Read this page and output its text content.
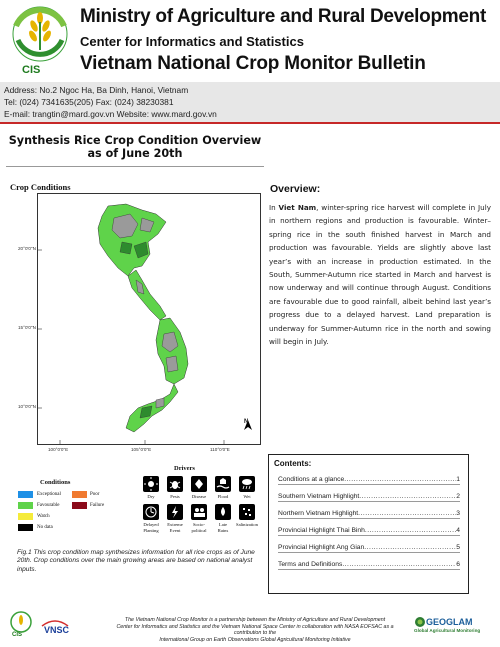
CIS
Ministry of Agriculture and Rural Development
Center for Informatics and Statistics
Vietnam National Crop Monitor Bulletin
Address: No.2 Ngoc Ha, Ba Dinh, Hanoi, Vietnam
Tel: (024) 7341635(205) Fax: (024) 38230381
E-mail: trangtin@mard.gov.vn Website: www.mard.gov.vn
Synthesis Rice Crop Condition Overview
as of June 20th
Crop Conditions
N
20°0'0"N
15°0'0"N
10°0'0"N
100°0'0"E	105°0'0"E	110°0'0"E
Conditions
Exceptional	Poor
Favourable	Failure
Watch
No data
Drivers
Dry	Pests	Disease	Flood	Wet
Delayed
Planting
Extreme
Event
Socio-
political
Late
Rains
Salinization
Fig.1 This crop condition map synthesizes information for all rice crops as of June 20th. Crop conditions over the main growing areas are based on national analyst inputs.
Overview:
In Viet Nam, winter-spring rice harvest will complete in July in northern regions and production is favourable. Winter–spring rice in the south finished harvest in March and production was favourable. Yields are slightly above last year’s with an increase in production estimated. In the South, Summer-Autumn rice started in March and harvest is now underway and will continue through August. Conditions are favourable due to good rainfall, albeit behind last year’s progress due to a delayed harvest. Land preparation is underway for Summer-Autumn rice in the north and sowing will begin in July.
Contents:
Conditions at a glance .....	1
Southern Vietnam Highlight .....	2
Northern Vietnam Highlight .....	3
Provincial Highlight Thai Binh .....	4
Provincial Highlight Ang Gian .....	5
Terms and Definitions .....	6
CIS VNSC
The Vietnam National Crop Monitor is a partnership between the Ministry of Agriculture and Rural Development
Center for Informatics and Statistics and the Vietnam National Space Center in collaboration with NASA EOFSAC as a contribution to the
International Group on Earth Observations Global Agricultural Monitoring Initiative
GEOGLAM
Global Agricultural Monitoring
